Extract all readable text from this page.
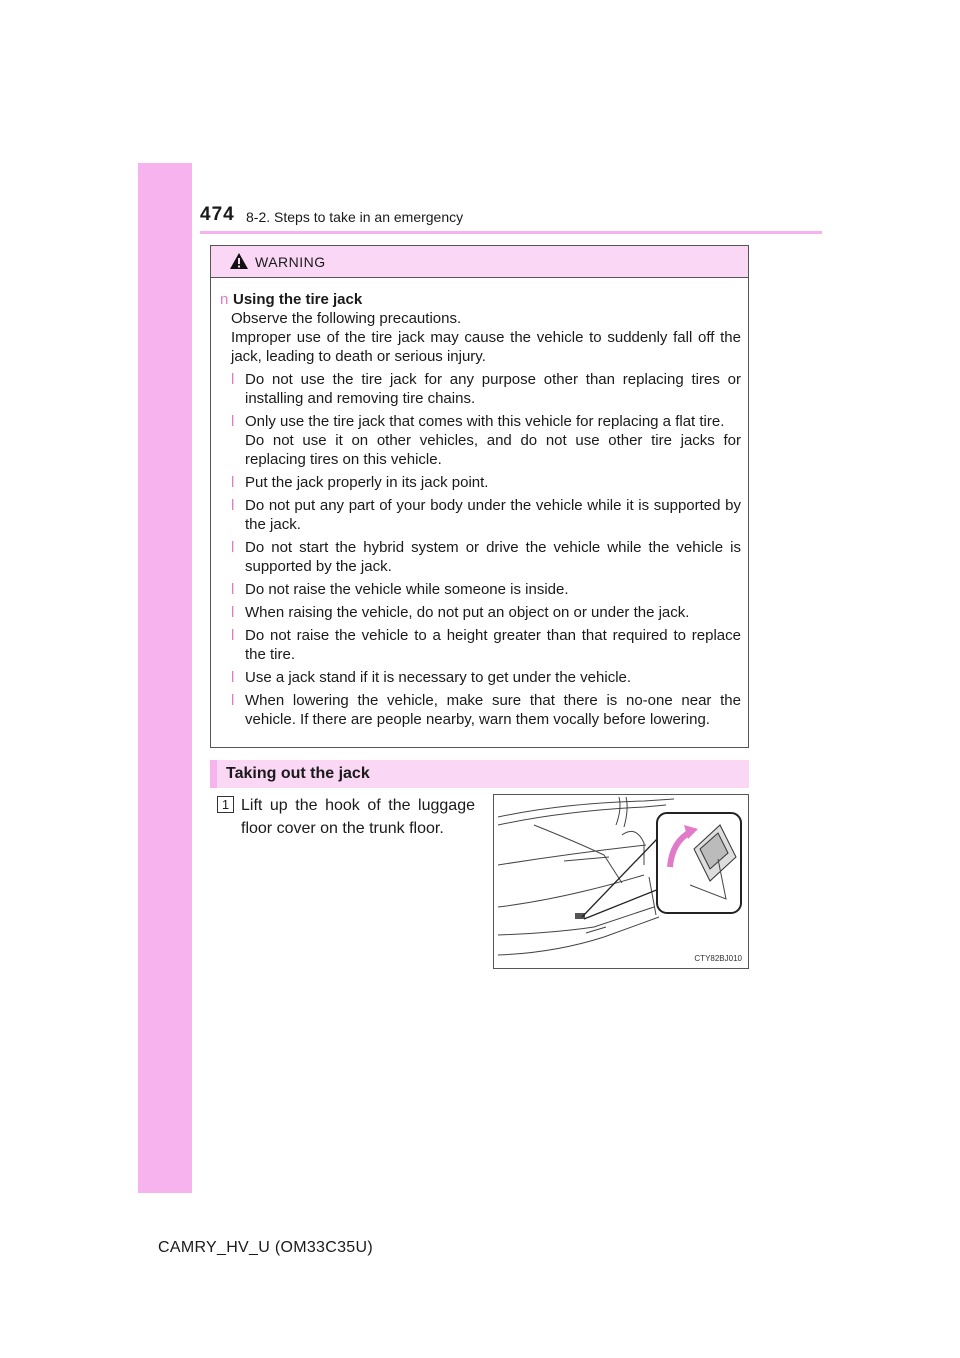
474 8-2. Steps to take in an emergency
WARNING
n Using the tire jack
Observe the following precautions.
Improper use of the tire jack may cause the vehicle to suddenly fall off the jack, leading to death or serious injury.
l Do not use the tire jack for any purpose other than replacing tires or installing and removing tire chains.
l Only use the tire jack that comes with this vehicle for replacing a flat tire.
Do not use it on other vehicles, and do not use other tire jacks for replacing tires on this vehicle.
l Put the jack properly in its jack point.
l Do not put any part of your body under the vehicle while it is supported by the jack.
l Do not start the hybrid system or drive the vehicle while the vehicle is supported by the jack.
l Do not raise the vehicle while someone is inside.
l When raising the vehicle, do not put an object on or under the jack.
l Do not raise the vehicle to a height greater than that required to replace the tire.
l Use a jack stand if it is necessary to get under the vehicle.
l When lowering the vehicle, make sure that there is no-one near the vehicle. If there are people nearby, warn them vocally before lowering.
Taking out the jack
1 Lift up the hook of the luggage floor cover on the trunk floor.
CTY82BJ010
CAMRY_HV_U (OM33C35U)
